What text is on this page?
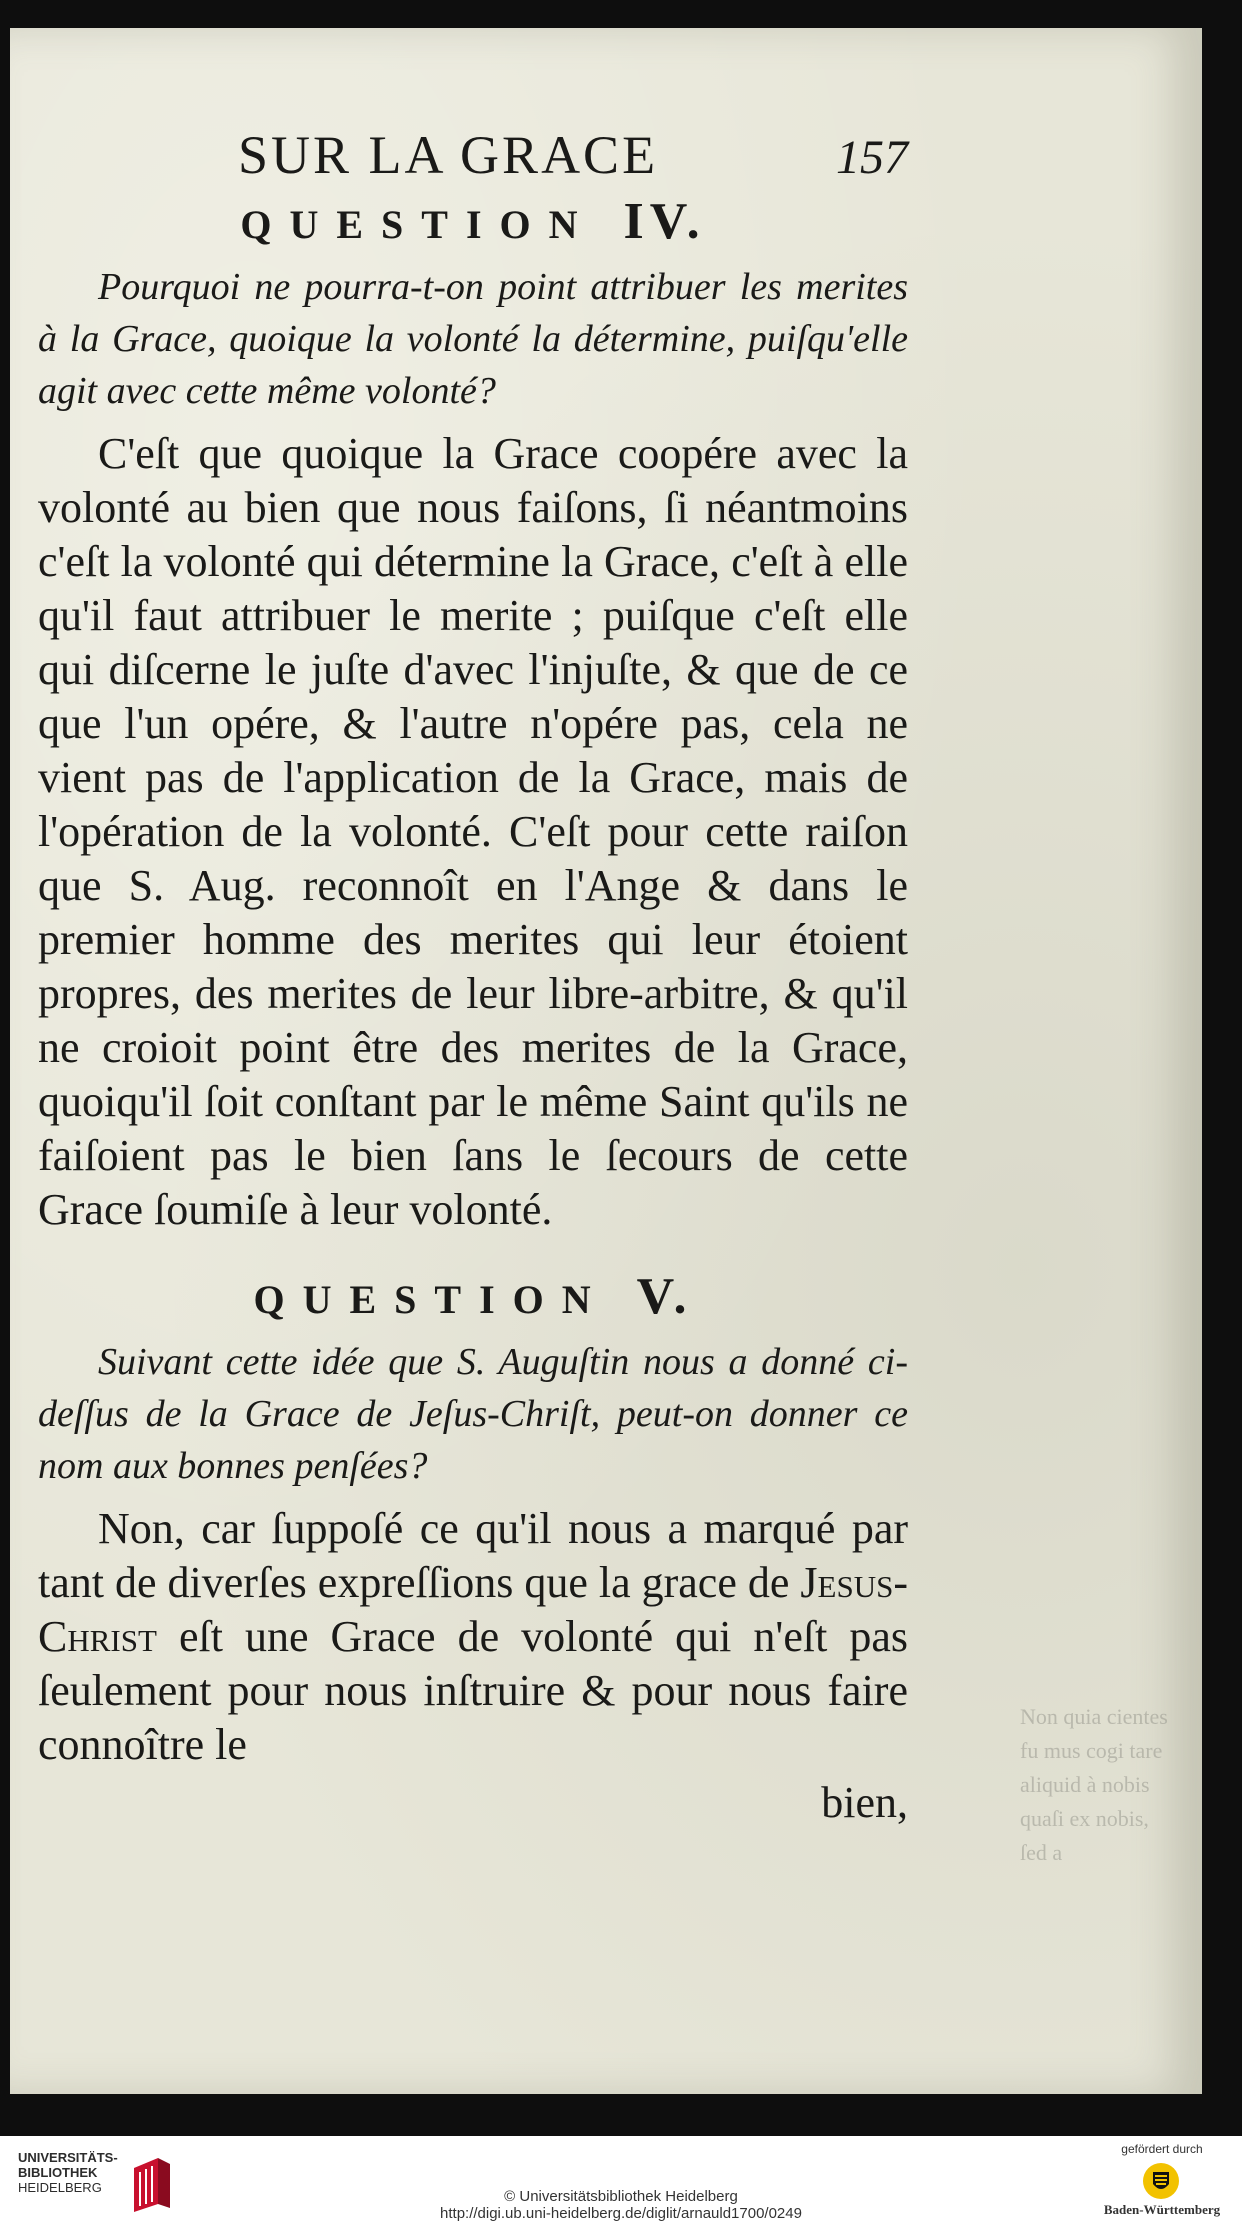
SUR LA GRACE	157
QUESTION IV.

Pourquoi ne pourra-t-on point attribuer les merites à la Grace, quoique la volonté la détermine, puiſqu'elle agit avec cette même volonté?

C'eſt que quoique la Grace coopére avec la volonté au bien que nous faiſons, ſi néantmoins c'eſt la volonté qui détermine la Grace, c'eſt à elle qu'il faut attribuer le merite ; puiſque c'eſt elle qui diſcerne le juſte d'avec l'injuſte, & que de ce que l'un opére, & l'autre n'opére pas, cela ne vient pas de l'application de la Grace, mais de l'opération de la volonté. C'eſt pour cette raiſon que S. Aug. reconnoît en l'Ange & dans le premier homme des merites qui leur étoient propres, des merites de leur libre-arbitre, & qu'il ne croioit point être des merites de la Grace, quoiqu'il ſoit conſtant par le même Saint qu'ils ne faiſoient pas le bien ſans le ſecours de cette Grace ſoumiſe à leur volonté.

QUESTION V.

Suivant cette idée que S. Auguſtin nous a donné ci-deſſus de la Grace de Jeſus-Chriſt, peut-on donner ce nom aux bonnes penſées?

Non, car ſuppoſé ce qu'il nous a marqué par tant de diverſes expreſſions que la grace de Jesus-Christ eſt une Grace de volonté qui n'eſt pas ſeulement pour nous inſtruire & pour nous faire connoître le

bien,
Non quia cientes fu mus cogi tare aliquid à nobis quaſi ex nobis, ſed a
UNIVERSITÄTS-
BIBLIOTHEK
HEIDELBERG
© Universitätsbibliothek Heidelberg
http://digi.ub.uni-heidelberg.de/diglit/arnauld1700/0249
gefördert durch
Baden-Württemberg
